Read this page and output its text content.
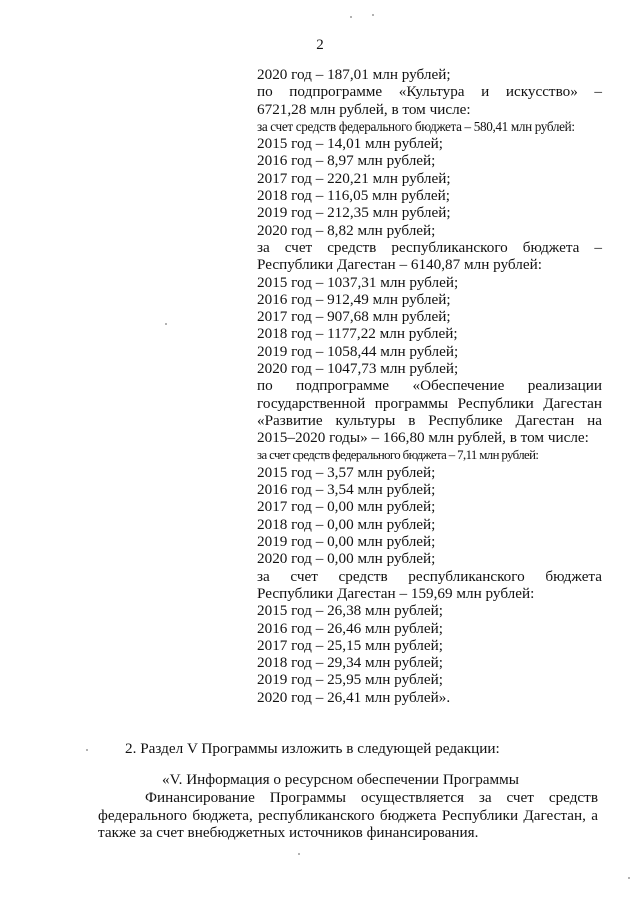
2
2020 год – 187,01 млн рублей;
по подпрограмме «Культура и искусство» –
6721,28 млн рублей, в том числе:
за счет средств федерального бюджета – 580,41 млн рублей:
2015 год – 14,01 млн рублей;
2016 год – 8,97 млн рублей;
2017 год – 220,21 млн рублей;
2018 год – 116,05 млн рублей;
2019 год – 212,35 млн рублей;
2020 год – 8,82 млн рублей;
за счет средств республиканского бюджета –
Республики Дагестан – 6140,87 млн рублей:
2015 год – 1037,31 млн рублей;
2016 год – 912,49 млн рублей;
2017 год – 907,68 млн рублей;
2018 год – 1177,22 млн рублей;
2019 год – 1058,44 млн рублей;
2020 год – 1047,73 млн рублей;
по подпрограмме «Обеспечение реализации
государственной программы Республики Дагестан
«Развитие культуры в Республике Дагестан на
2015–2020 годы» – 166,80 млн рублей, в том числе:
за счет средств федерального бюджета – 7,11 млн рублей:
2015 год – 3,57 млн рублей;
2016 год – 3,54 млн рублей;
2017 год – 0,00 млн рублей;
2018 год – 0,00 млн рублей;
2019 год – 0,00 млн рублей;
2020 год – 0,00 млн рублей;
за счет средств республиканского бюджета
Республики Дагестан – 159,69 млн рублей:
2015 год – 26,38 млн рублей;
2016 год – 26,46 млн рублей;
2017 год – 25,15 млн рублей;
2018 год – 29,34 млн рублей;
2019 год – 25,95 млн рублей;
2020 год – 26,41 млн рублей».
2. Раздел V Программы изложить в следующей редакции:
«V. Информация о ресурсном обеспечении Программы
Финансирование Программы осуществляется за счет средств
федерального бюджета, республиканского бюджета Республики Дагестан, а
также за счет внебюджетных источников финансирования.
